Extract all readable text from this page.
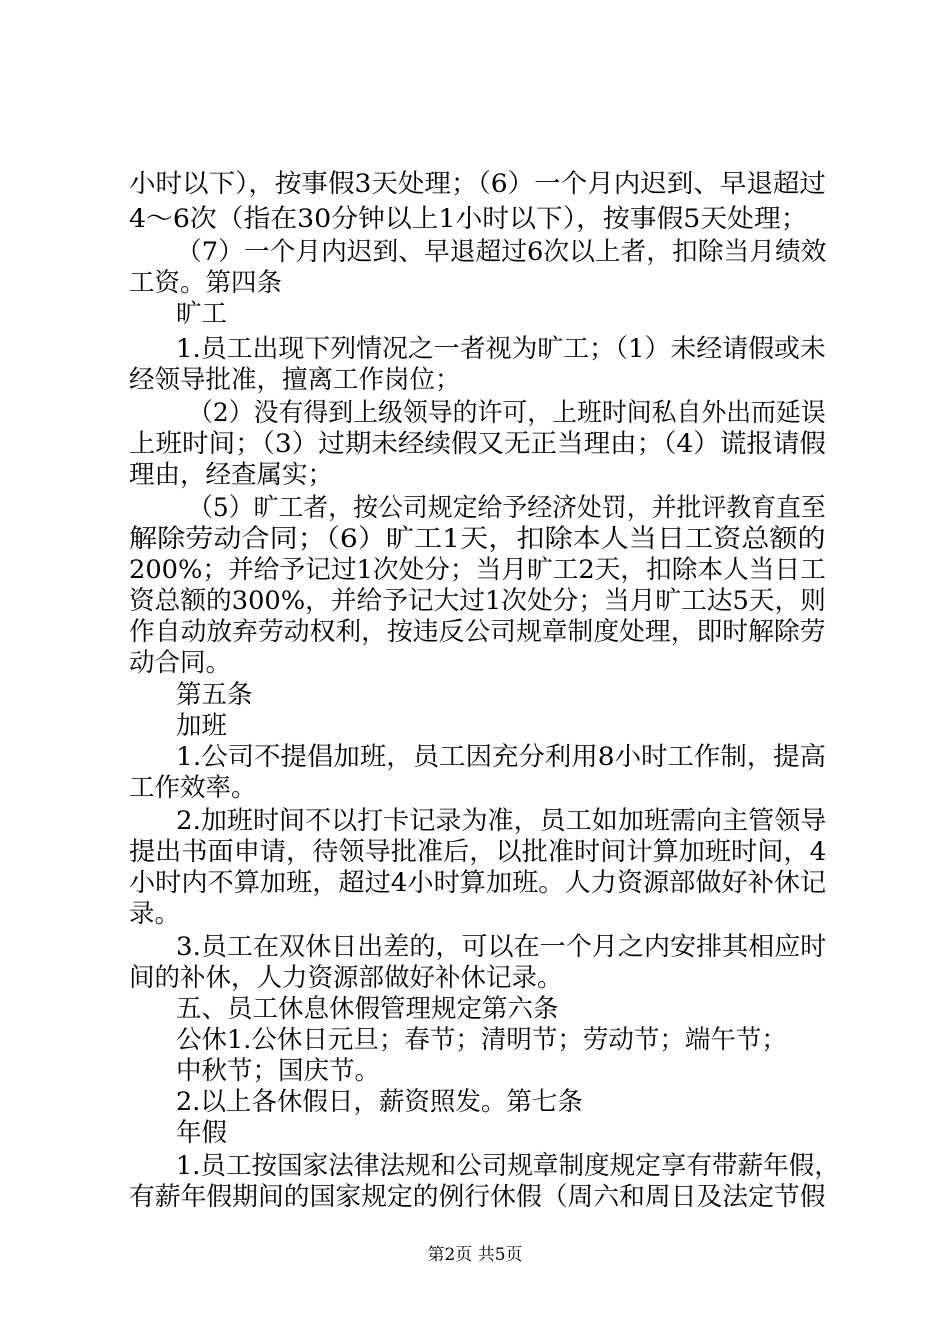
小时以下），按事假3天处理；（6）一个月内迟到、早退超过
4～6次（指在30分钟以上1小时以下），按事假5天处理；
（7）一个月内迟到、早退超过6次以上者，扣除当月绩效
工资。第四条
旷工
1.员工出现下列情况之一者视为旷工；（1）未经请假或未
经领导批准，擅离工作岗位；
（2）没有得到上级领导的许可，上班时间私自外出而延误
上班时间；（3）过期未经续假又无正当理由；（4）谎报请假
理由，经查属实；
（5）旷工者，按公司规定给予经济处罚，并批评教育直至
解除劳动合同；（6）旷工1天，扣除本人当日工资总额的
200%；并给予记过1次处分；当月旷工2天，扣除本人当日工
资总额的300%，并给予记大过1次处分；当月旷工达5天，则
作自动放弃劳动权利，按违反公司规章制度处理，即时解除劳
动合同。
第五条
加班
1.公司不提倡加班，员工因充分利用8小时工作制，提高
工作效率。
2.加班时间不以打卡记录为准，员工如加班需向主管领导
提出书面申请，待领导批准后，以批准时间计算加班时间，4
小时内不算加班，超过4小时算加班。人力资源部做好补休记
录。
3.员工在双休日出差的，可以在一个月之内安排其相应时
间的补休，人力资源部做好补休记录。
五、员工休息休假管理规定第六条
公休1.公休日元旦；春节；清明节；劳动节；端午节；
中秋节；国庆节。
2.以上各休假日，薪资照发。第七条
年假
1.员工按国家法律法规和公司规章制度规定享有带薪年假，
有薪年假期间的国家规定的例行休假（周六和周日及法定节假
第2页 共5页
